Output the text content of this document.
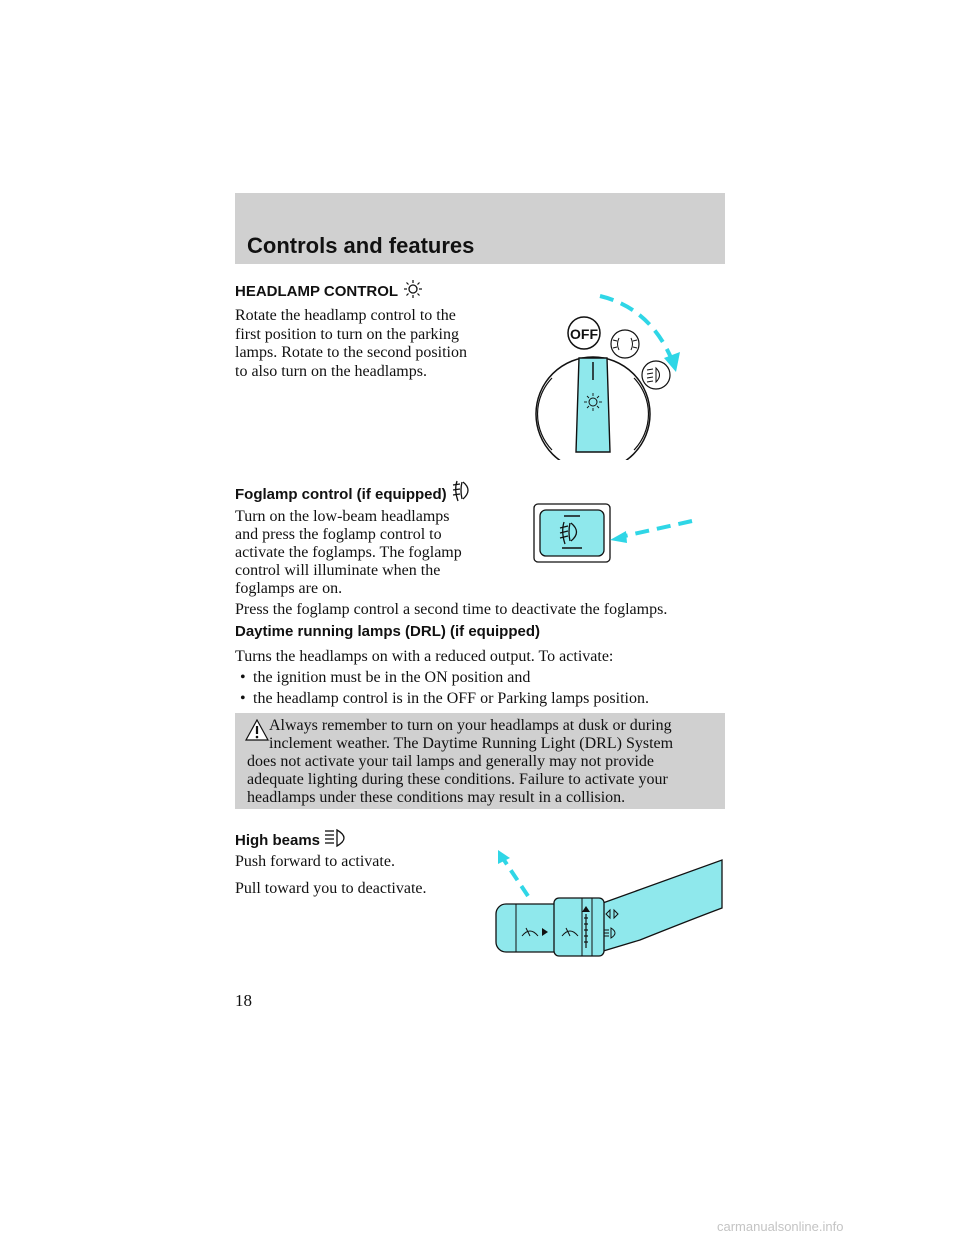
Controls and features
HEADLAMP CONTROL

Rotate the headlamp control to the

first position to turn on the parking

lamps. Rotate to the second position

to also turn on the headlamps.

OFF
Foglamp control (if equipped)

Turn on the low-beam headlamps

and press the foglamp control to

activate the foglamps. The foglamp

control will illuminate when the

foglamps are on.

Press the foglamp control a second time to deactivate the foglamps.

Daytime running lamps (DRL) (if equipped)

Turns the headlamps on with a reduced output. To activate:

• the ignition must be in the ON position and
• the headlamp control is in the OFF or Parking lamps position.

Always remember to turn on your headlamps at dusk or during

inclement weather. The Daytime Running Light (DRL) System

does not activate your tail lamps and generally may not provide

adequate lighting during these conditions. Failure to activate your

headlamps under these conditions may result in a collision.

High beams

Push forward to activate.

Pull toward you to deactivate.

18

carmanualsonline.info
